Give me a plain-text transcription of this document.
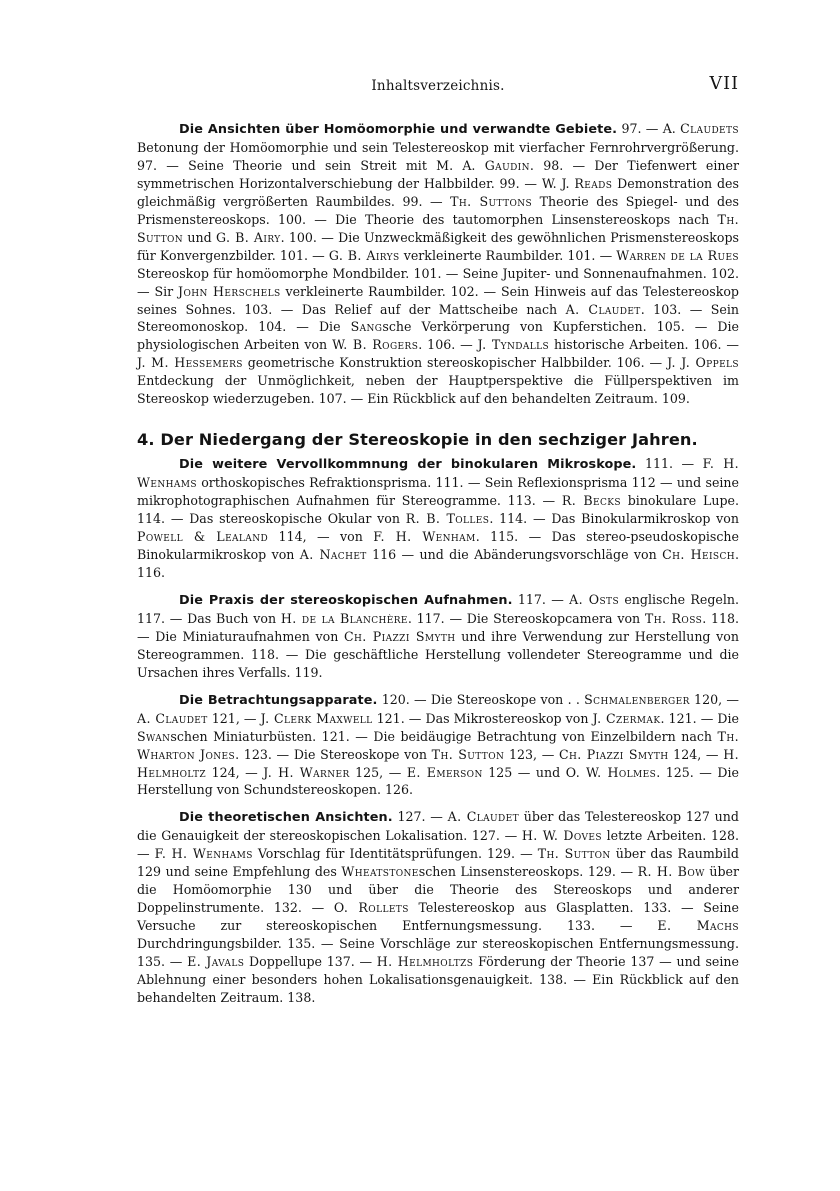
Inhaltsverzeichnis.	VII

Die Ansichten über Homöomorphie und verwandte Gebiete. 97. — A. Claudets Betonung der Homöomorphie und sein Telestereoskop mit vierfacher Fernrohrvergrößerung. 97. — Seine Theorie und sein Streit mit M. A. Gaudin. 98. — Der Tiefenwert einer symmetrischen Horizontalverschiebung der Halbbilder. 99. — W. J. Reads Demonstration des gleichmäßig vergrößerten Raumbildes. 99. — Th. Suttons Theorie des Spiegel- und des Prismenstereoskops. 100. — Die Theorie des tautomorphen Linsenstereoskops nach Th. Sutton und G. B. Airy. 100. — Die Unzweckmäßigkeit des gewöhnlichen Prismenstereoskops für Konvergenzbilder. 101. — G. B. Airys verkleinerte Raumbilder. 101. — Warren de la Rues Stereoskop für homöomorphe Mondbilder. 101. — Seine Jupiter- und Sonnenaufnahmen. 102. — Sir John Herschels verkleinerte Raumbilder. 102. — Sein Hinweis auf das Telestereoskop seines Sohnes. 103. — Das Relief auf der Mattscheibe nach A. Claudet. 103. — Sein Stereomonoskop. 104. — Die Sangsche Verkörperung von Kupferstichen. 105. — Die physiologischen Arbeiten von W. B. Rogers. 106. — J. Tyndalls historische Arbeiten. 106. — J. M. Hessemers geometrische Konstruktion stereoskopischer Halbbilder. 106. — J. J. Oppels Entdeckung der Unmöglichkeit, neben der Hauptperspektive die Füllperspektiven im Stereoskop wiederzugeben. 107. — Ein Rückblick auf den behandelten Zeitraum. 109.

4. Der Niedergang der Stereoskopie in den sechziger Jahren.

Die weitere Vervollkommnung der binokularen Mikroskope. 111. — F. H. Wenhams orthoskopisches Refraktionsprisma. 111. — Sein Reflexionsprisma 112 — und seine mikrophotographischen Aufnahmen für Stereogramme. 113. — R. Becks binokulare Lupe. 114. — Das stereoskopische Okular von R. B. Tolles. 114. — Das Binokularmikroskop von Powell & Lealand 114, — von F. H. Wenham. 115. — Das stereo-pseudoskopische Binokularmikroskop von A. Nachet 116 — und die Abänderungsvorschläge von Ch. Heisch. 116.

Die Praxis der stereoskopischen Aufnahmen. 117. — A. Osts englische Regeln. 117. — Das Buch von H. de la Blanchère. 117. — Die Stereoskopcamera von Th. Ross. 118. — Die Miniaturaufnahmen von Ch. Piazzi Smyth und ihre Verwendung zur Herstellung von Stereogrammen. 118. — Die geschäftliche Herstellung vollendeter Stereogramme und die Ursachen ihres Verfalls. 119.

Die Betrachtungsapparate. 120. — Die Stereoskope von . . Schmalenberger 120, — A. Claudet 121, — J. Clerk Maxwell 121. — Das Mikrostereoskop von J. Czermak. 121. — Die Swanschen Miniaturbüsten. 121. — Die beidäugige Betrachtung von Einzelbildern nach Th. Wharton Jones. 123. — Die Stereoskope von Th. Sutton 123, — Ch. Piazzi Smyth 124, — H. Helmholtz 124, — J. H. Warner 125, — E. Emerson 125 — und O. W. Holmes. 125. — Die Herstellung von Schundstereoskopen. 126.

Die theoretischen Ansichten. 127. — A. Claudet über das Telestereoskop 127 und die Genauigkeit der stereoskopischen Lokalisation. 127. — H. W. Doves letzte Arbeiten. 128. — F. H. Wenhams Vorschlag für Identitätsprüfungen. 129. — Th. Sutton über das Raumbild 129 und seine Empfehlung des Wheatstoneschen Linsenstereoskops. 129. — R. H. Bow über die Homöomorphie 130 und über die Theorie des Stereoskops und anderer Doppelinstrumente. 132. — O. Rollets Telestereoskop aus Glasplatten. 133. — Seine Versuche zur stereoskopischen Entfernungsmessung. 133. — E. Machs Durchdringungsbilder. 135. — Seine Vorschläge zur stereoskopischen Entfernungsmessung. 135. — E. Javals Doppellupe 137. — H. Helmholtzs Förderung der Theorie 137 — und seine Ablehnung einer besonders hohen Lokalisationsgenauigkeit. 138. — Ein Rückblick auf den behandelten Zeitraum. 138.
